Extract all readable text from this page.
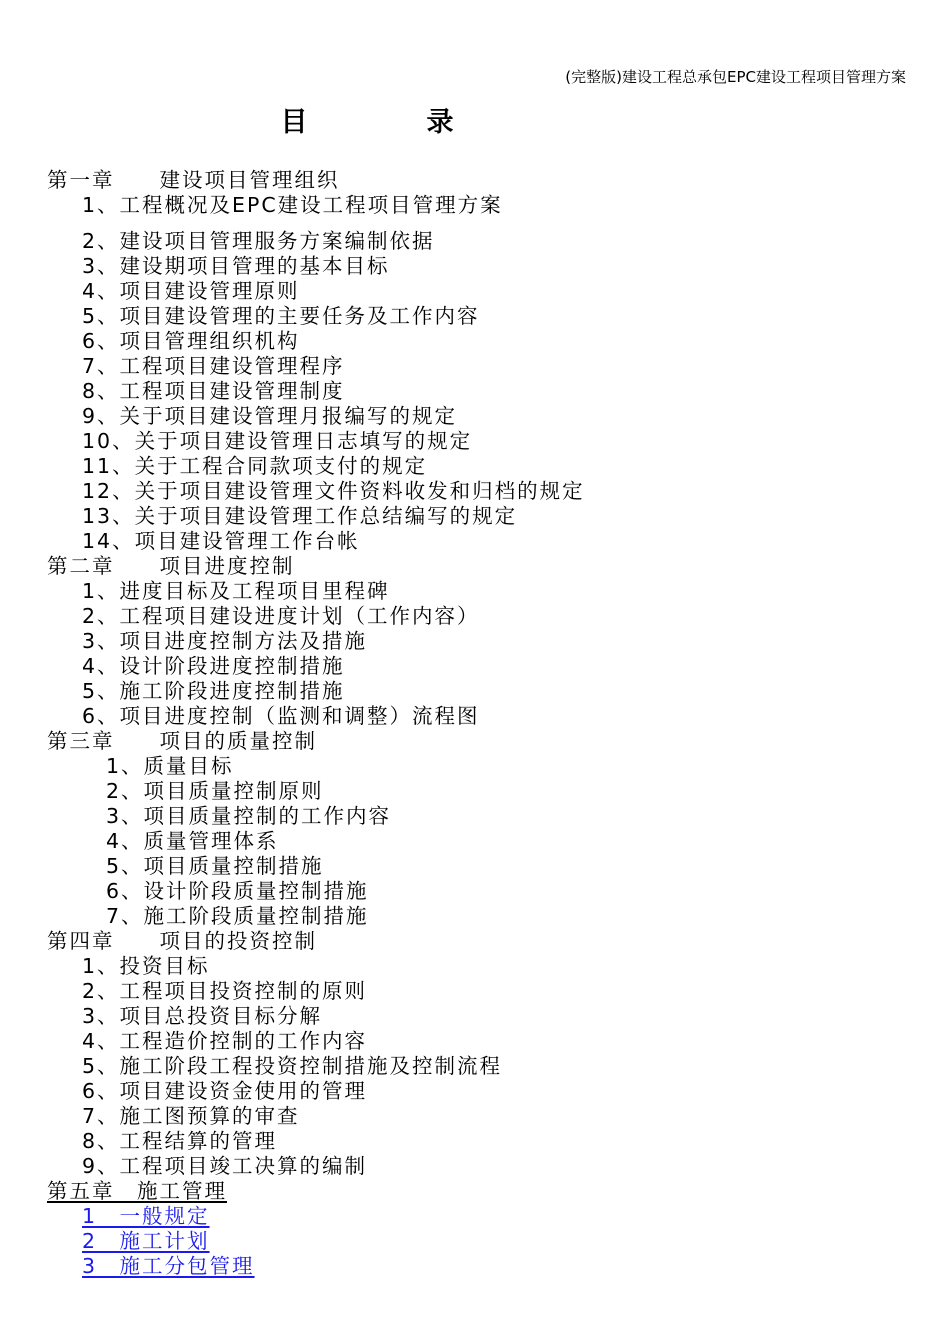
(完整版)建设工程总承包EPC建设工程项目管理方案
目　录
第一章　　建设项目管理组织
1、工程概况及EPC建设工程项目管理方案
2、建设项目管理服务方案编制依据
3、建设期项目管理的基本目标
4、项目建设管理原则
5、项目建设管理的主要任务及工作内容
6、项目管理组织机构
7、工程项目建设管理程序
8、工程项目建设管理制度
9、关于项目建设管理月报编写的规定
10、关于项目建设管理日志填写的规定
11、关于工程合同款项支付的规定
12、关于项目建设管理文件资料收发和归档的规定
13、关于项目建设管理工作总结编写的规定
14、项目建设管理工作台帐
第二章　　项目进度控制
1、进度目标及工程项目里程碑
2、工程项目建设进度计划（工作内容）
3、项目进度控制方法及措施
4、设计阶段进度控制措施
5、施工阶段进度控制措施
6、项目进度控制（监测和调整）流程图
第三章　　项目的质量控制
1、质量目标
2、项目质量控制原则
3、项目质量控制的工作内容
4、质量管理体系
5、项目质量控制措施
6、设计阶段质量控制措施
7、施工阶段质量控制措施
第四章　　项目的投资控制
1、投资目标
2、工程项目投资控制的原则
3、项目总投资目标分解
4、工程造价控制的工作内容
5、施工阶段工程投资控制措施及控制流程
6、项目建设资金使用的管理
7、施工图预算的审查
8、工程结算的管理
9、工程项目竣工决算的编制
第五章　施工管理
1　一般规定
2　施工计划
3　施工分包管理
